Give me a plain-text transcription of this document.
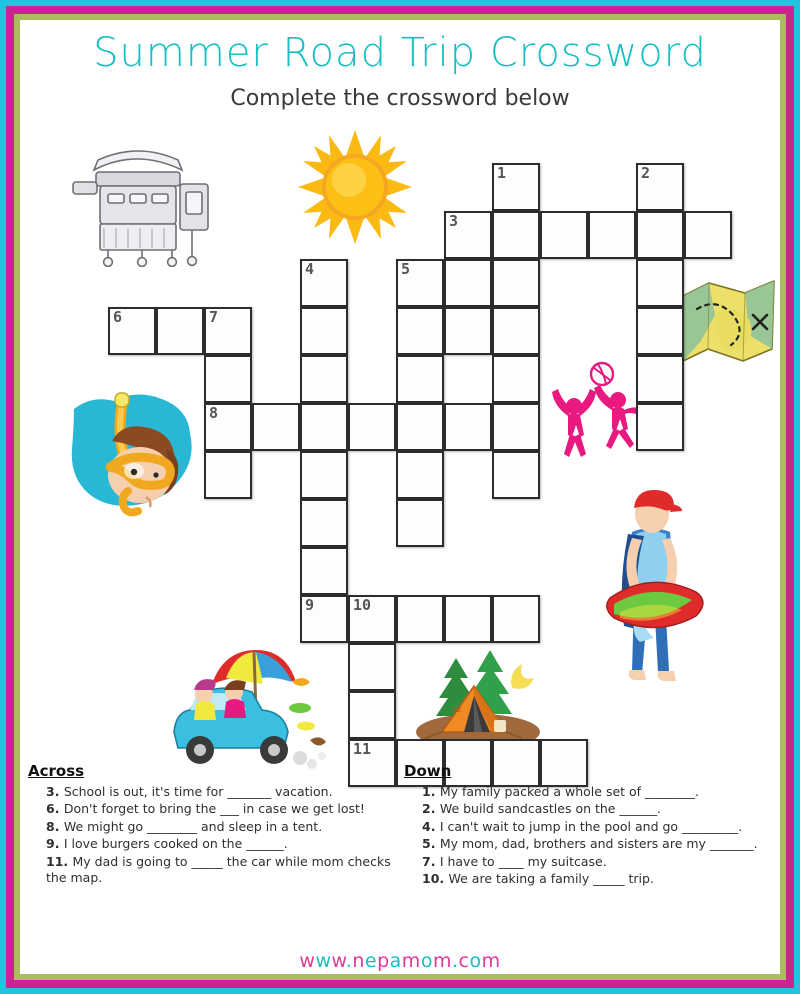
Summer Road Trip Crossword
Complete the crossword below
zz
1	2
3
4	5
6	7
8
9	10
11
Across
3. School is out, it's time for _______ vacation.
6. Don't forget to bring the ___ in case we get lost!
8. We might go ________ and sleep in a tent.
9. I love burgers cooked on the ______.
11. My dad is going to _____ the car while mom checks the map.
Down
1. My family packed a whole set of ________.
2. We build sandcastles on the ______.
4. I can't wait to jump in the pool and go _________.
5. My mom, dad, brothers and sisters are my _______.
7. I have to ____ my suitcase.
10. We are taking a family _____ trip.
www.nepamom.com
